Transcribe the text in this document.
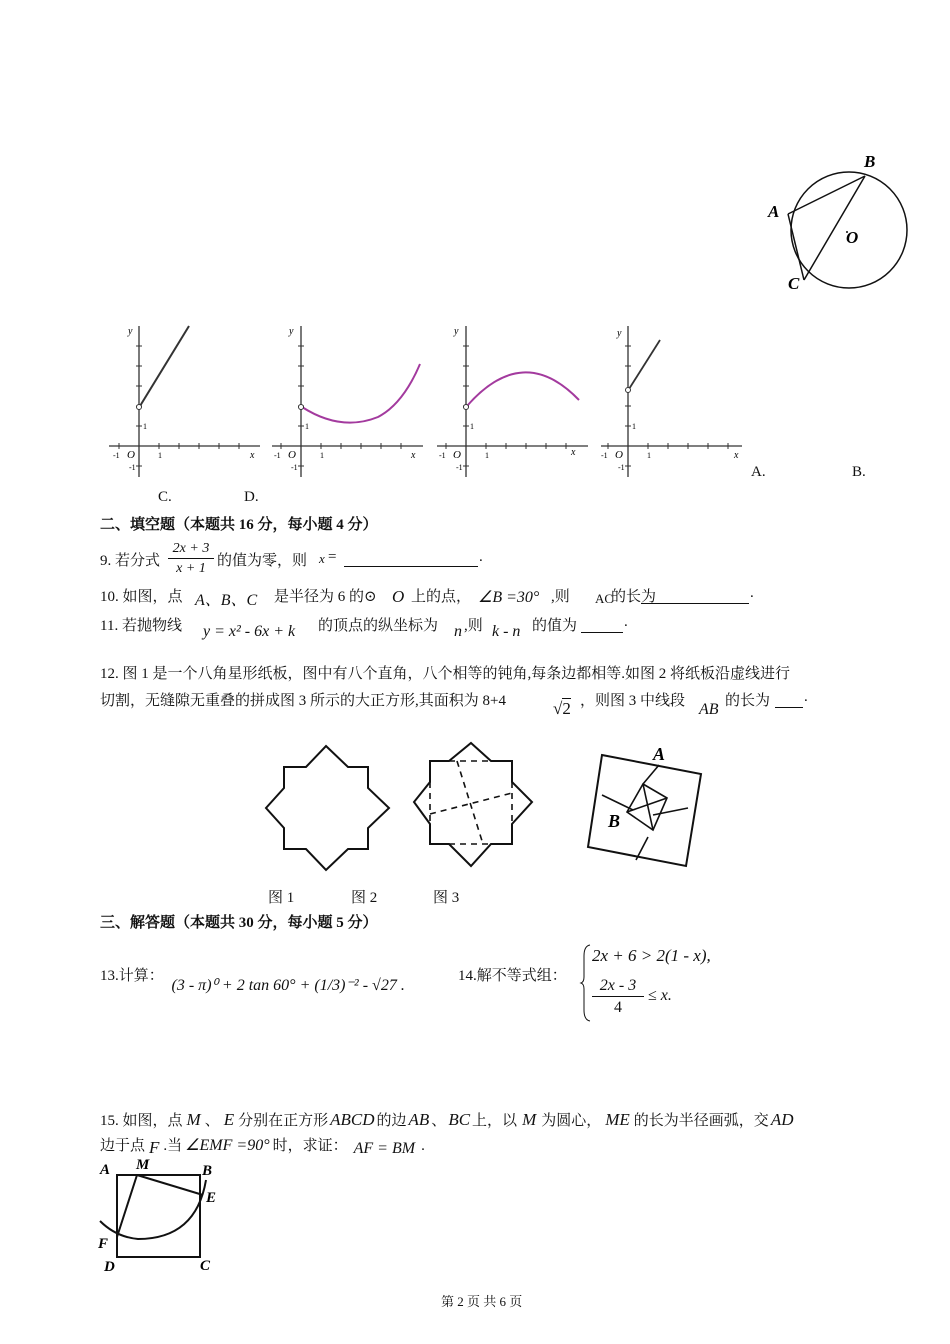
B
A
C
O
y
x
O
-1	1
1
-1
y
x
O
-1	1
1
-1
y
x
O
-1	1
1
-1
y
x
O
-1	1
1
-1	A.	B.
C.	D.
二、填空题（本题共 16 分，每小题 4 分）
9. 若分式
2x + 3
x + 1 的值为零，则 x =	.
10. 如图，点 A、B、C 是半径为 6 的⊙ O 上的点， ∠B =30° ,则 AC
的长为	.
11. 若抛物线 y = x² - 6x + k 的顶点的纵坐标为 n ,则 k - n 的值为	.
12. 图 1 是一个八角星形纸板，图中有八个直角，八个相等的钝角,每条边都相等.如图 2 将纸板沿虚线进行
切割，无缝隙无重叠的拼成图 3 所示的大正方形,其面积为 8+4	√2 ，则图 3 中线段 AB 的长为 .
A
B
图 1	图 2	图 3
三、解答题（本题共 30 分，每小题 5 分）
13.计算： (3 - π)⁰ + 2 tan 60° + (1/3)⁻² - √27 .
14.解不等式组：
2x + 6 > 2(1 - x),
2x - 3
4
≤ x.
15. 如图，点 M 、 E 分别在正方形 ABCD 的边 AB 、 BC 上，以 M 为圆心， ME 的长为半径画弧，交 AD
边于点 F .当 ∠EMF =90° 时，求证： AF = BM .
A M	B
E
F
D	C
第 2 页 共 6 页
